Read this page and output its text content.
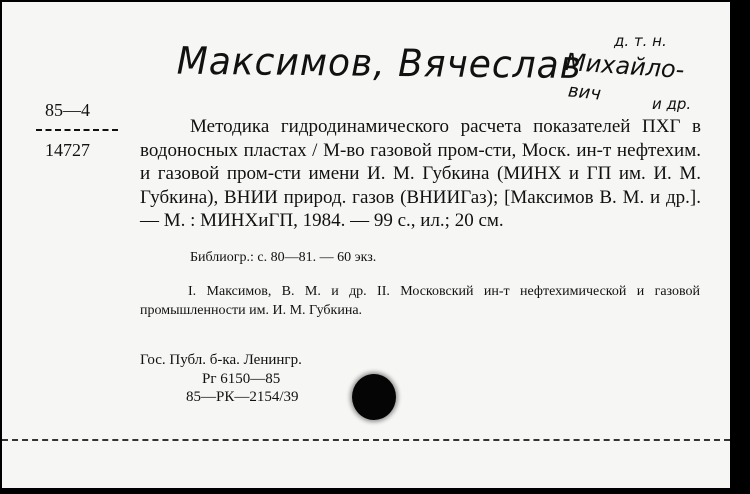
Максимов, Вячеслав д. т. н.
Михайло-
вич	и др.
85—4
14727

Методика гидродинамического расчета показателей ПХГ в водоносных пластах / М-во газовой пром-сти, Моск. ин-т нефтехим. и газовой пром-сти имени И. М. Губкина (МИНХ и ГП им. И. М. Губкина), ВНИИ природ. газов (ВНИИГаз); [Максимов В. М. и др.]. — М. : МИНХиГП, 1984. — 99 с., ил.; 20 см.

Библиогр.: с. 80—81. — 60 экз.

I. Максимов, В. М. и др. II. Московский ин-т нефтехимической и газовой промышленности им. И. М. Губкина.

Гос. Публ. б-ка. Ленингр.
Рг 6150—85
85—РК—2154/39
